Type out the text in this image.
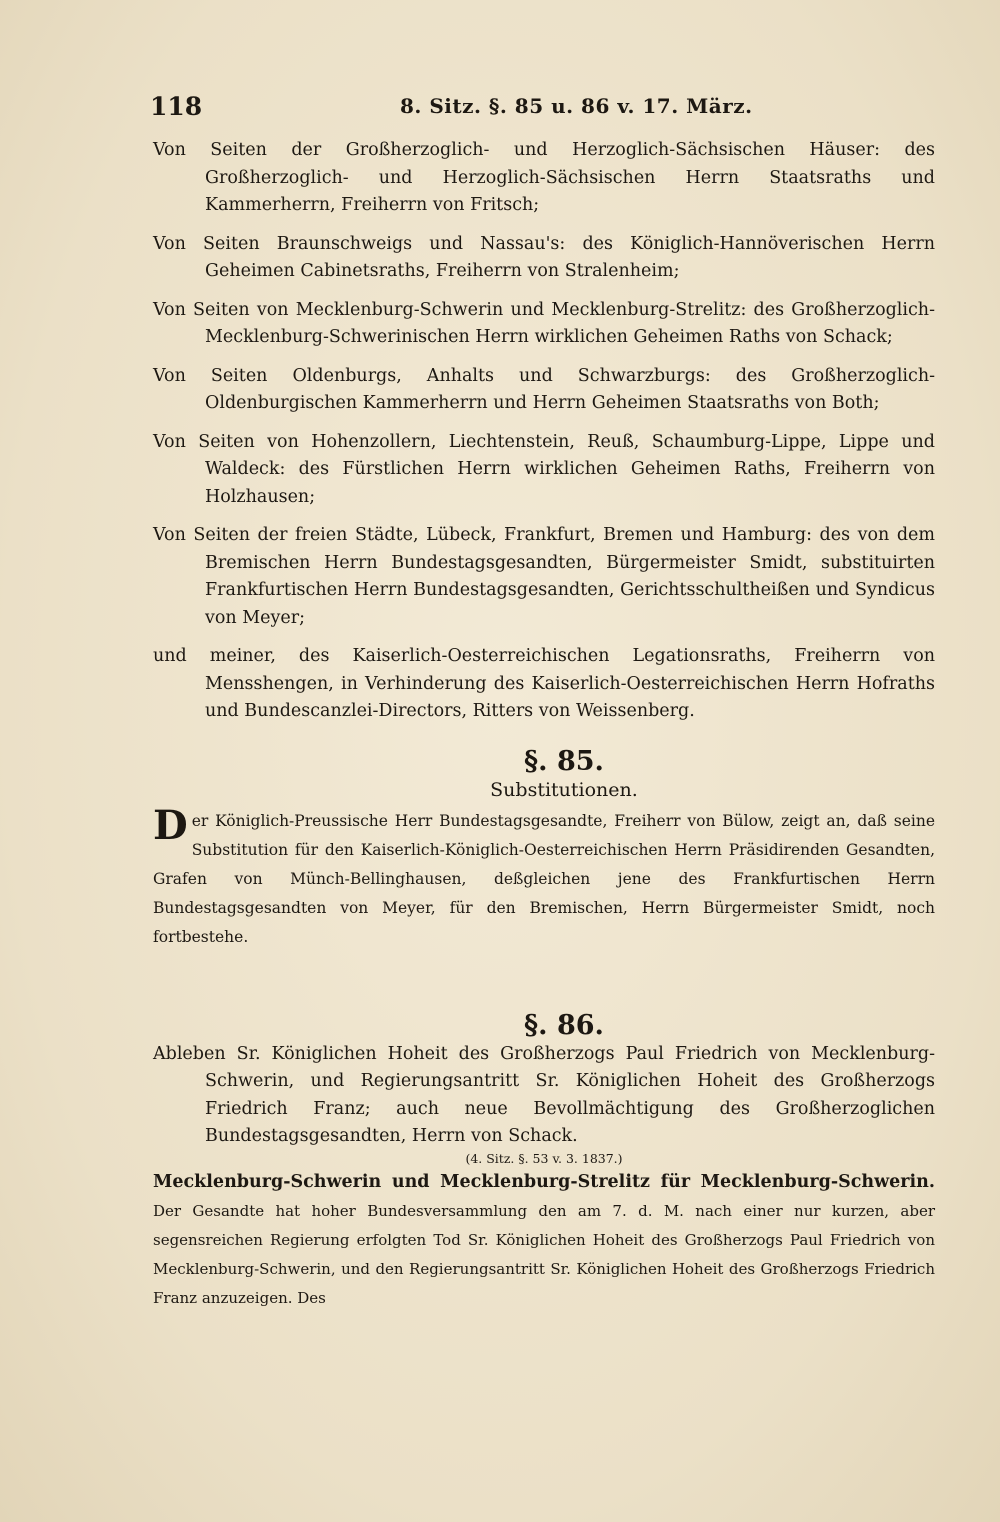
118	8. Sitz. §. 85 u. 86 v. 17. März.

Von Seiten der Großherzoglich- und Herzoglich-Sächsischen Häuser: des Großherzoglich- und Herzoglich-Sächsischen Herrn Staatsraths und Kammerherrn, Freiherrn von Fritsch;

Von Seiten Braunschweigs und Nassau's: des Königlich-Hannöverischen Herrn Geheimen Cabinetsraths, Freiherrn von Stralenheim;

Von Seiten von Mecklenburg-Schwerin und Mecklenburg-Strelitz: des Großherzoglich-Mecklenburg-Schwerinischen Herrn wirklichen Geheimen Raths von Schack;

Von Seiten Oldenburgs, Anhalts und Schwarzburgs: des Großherzoglich-Oldenburgischen Kammerherrn und Herrn Geheimen Staatsraths von Both;

Von Seiten von Hohenzollern, Liechtenstein, Reuß, Schaumburg-Lippe, Lippe und Waldeck: des Fürstlichen Herrn wirklichen Geheimen Raths, Freiherrn von Holzhausen;

Von Seiten der freien Städte, Lübeck, Frankfurt, Bremen und Hamburg: des von dem Bremischen Herrn Bundestagsgesandten, Bürgermeister Smidt, substituirten Frankfurtischen Herrn Bundestagsgesandten, Gerichtsschultheißen und Syndicus von Meyer;

und meiner, des Kaiserlich-Oesterreichischen Legationsraths, Freiherrn von Mensshengen, in Verhinderung des Kaiserlich-Oesterreichischen Herrn Hofraths und Bundescanzlei-Directors, Ritters von Weissenberg.

§. 85.
Substitutionen.

Der Königlich-Preussische Herr Bundestagsgesandte, Freiherr von Bülow, zeigt an, daß seine Substitution für den Kaiserlich-Königlich-Oesterreichischen Herrn Präsidirenden Gesandten, Grafen von Münch-Bellinghausen, deßgleichen jene des Frankfurtischen Herrn Bundestagsgesandten von Meyer, für den Bremischen, Herrn Bürgermeister Smidt, noch fortbestehe.

§. 86.

Ableben Sr. Königlichen Hoheit des Großherzogs Paul Friedrich von Mecklenburg-Schwerin, und Regierungsantritt Sr. Königlichen Hoheit des Großherzogs Friedrich Franz; auch neue Bevollmächtigung des Großherzoglichen Bundestagsgesandten, Herrn von Schack.

(4. Sitz. §. 53 v. 3. 1837.)

Mecklenburg-Schwerin und Mecklenburg-Strelitz für Mecklenburg-Schwerin. Der Gesandte hat hoher Bundesversammlung den am 7. d. M. nach einer nur kurzen, aber segensreichen Regierung erfolgten Tod Sr. Königlichen Hoheit des Großherzogs Paul Friedrich von Mecklenburg-Schwerin, und den Regierungsantritt Sr. Königlichen Hoheit des Großherzogs Friedrich Franz anzuzeigen. Des
